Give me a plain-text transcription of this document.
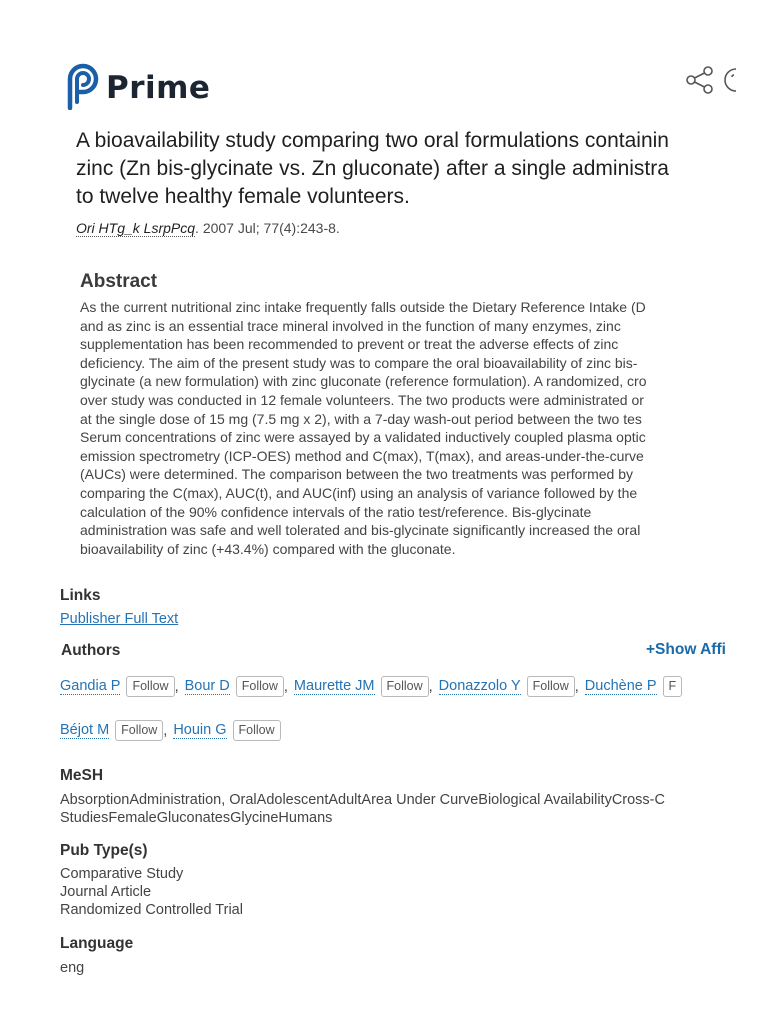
Prime
A bioavailability study comparing two oral formulations containin
zinc (Zn bis-glycinate vs. Zn gluconate) after a single administra
to twelve healthy female volunteers.
Ori HTg_k LsrpPcq. 2007 Jul; 77(4):243-8.
Abstract
As the current nutritional zinc intake frequently falls outside the Dietary Reference Intake (D
and as zinc is an essential trace mineral involved in the function of many enzymes, zinc
supplementation has been recommended to prevent or treat the adverse effects of zinc
deficiency. The aim of the present study was to compare the oral bioavailability of zinc bis-
glycinate (a new formulation) with zinc gluconate (reference formulation). A randomized, cro
over study was conducted in 12 female volunteers. The two products were administrated or
at the single dose of 15 mg (7.5 mg x 2), with a 7-day wash-out period between the two tes
Serum concentrations of zinc were assayed by a validated inductively coupled plasma optic
emission spectrometry (ICP-OES) method and C(max), T(max), and areas-under-the-curve
(AUCs) were determined. The comparison between the two treatments was performed by
comparing the C(max), AUC(t), and AUC(inf) using an analysis of variance followed by the
calculation of the 90% confidence intervals of the ratio test/reference. Bis-glycinate
administration was safe and well tolerated and bis-glycinate significantly increased the oral
bioavailability of zinc (+43.4%) compared with the gluconate.
Links
Publisher Full Text
Authors	+Show Affi
Gandia P Follow , Bour D Follow , Maurette JM Follow , Donazzolo Y Follow , Duchène P F
Béjot M Follow , Houin G Follow
MeSH
AbsorptionAdministration, OralAdolescentAdultArea Under CurveBiological AvailabilityCross-C
StudiesFemaleGluconatesGlycineHumans
Pub Type(s)
Comparative Study
Journal Article
Randomized Controlled Trial
Language
eng
